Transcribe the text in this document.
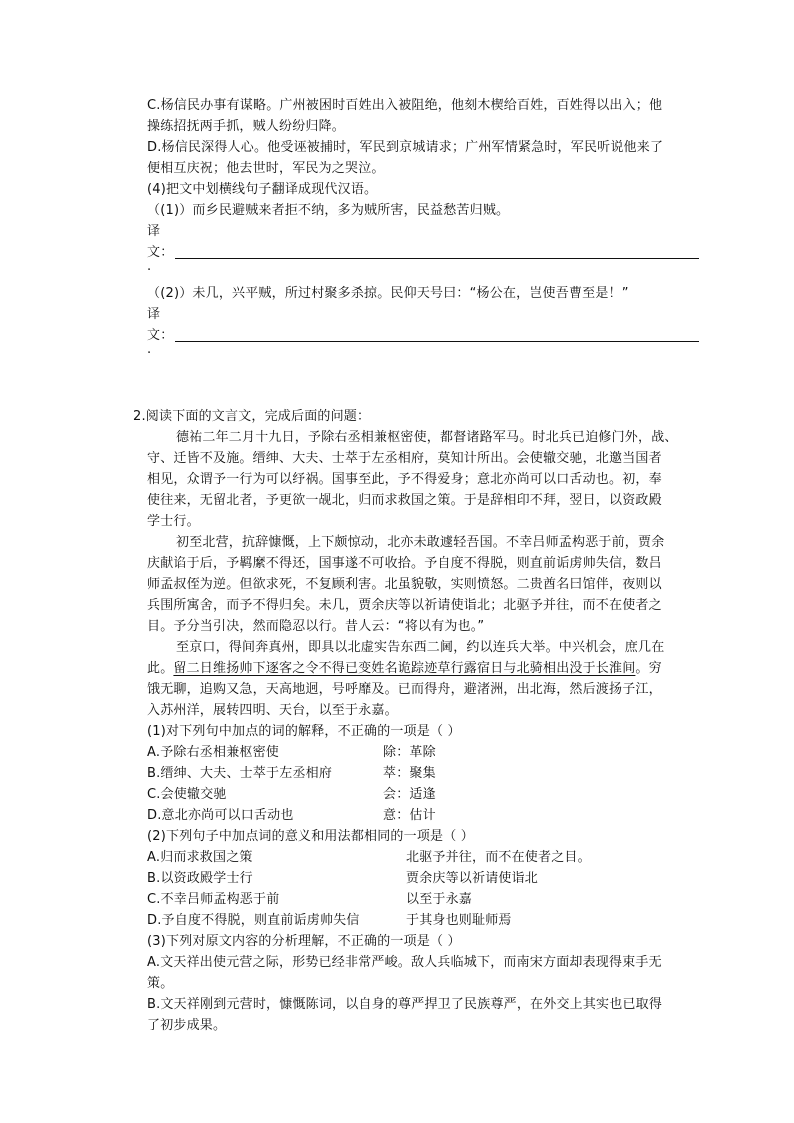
C.杨信民办事有谋略。广州被困时百姓出入被阻绝，他刻木楔给百姓，百姓得以出入；他
操练招抚两手抓，贼人纷纷归降。
D.杨信民深得人心。他受诬被捕时，军民到京城请求；广州军情紧急时，军民听说他来了
便相互庆祝；他去世时，军民为之哭泣。
(4)把文中划横线句子翻译成现代汉语。
（(1)）而乡民避贼来者拒不纳，多为贼所害，民益愁苦归贼。
译
文：
.
（(2)）未几，兴平贼，所过村聚多杀掠。民仰天号曰：“杨公在，岂使吾曹至是！”
译
文：
.
2.阅读下面的文言文，完成后面的问题：
德祐二年二月十九日，予除右丞相兼枢密使，都督诸路军马。时北兵已迫修门外，战、
守、迁皆不及施。缙绅、大夫、士萃于左丞相府，莫知计所出。会使辙交驰，北邀当国者
相见，众谓予一行为可以纾祸。国事至此，予不得爱身；意北亦尚可以口舌动也。初，奉
使往来，无留北者，予更欲一觇北，归而求救国之策。于是辞相印不拜，翌日，以资政殿
学士行。
初至北营，抗辞慷慨，上下颇惊动，北亦未敢遽轻吾国。不幸吕师孟构恶于前，贾余
庆献谄于后，予羁縻不得还，国事遂不可收拾。予自度不得脱，则直前诟虏帅失信，数吕
师孟叔侄为逆。但欲求死，不复顾利害。北虽貌敬，实则愤怒。二贵酋名曰馆伴，夜则以
兵围所寓舍，而予不得归矣。未几，贾余庆等以祈请使诣北；北驱予并往，而不在使者之
目。予分当引决，然而隐忍以行。昔人云：“将以有为也。”
至京口，得间奔真州，即具以北虚实告东西二阃，约以连兵大举。中兴机会，庶几在
此。留二日维扬帅下逐客之令不得已变姓名诡踪迹草行露宿日与北骑相出没于长淮间。穷
饿无聊，追购又急，天高地迥，号呼靡及。已而得舟，避渚洲，出北海，然后渡扬子江，
入苏州洋，展转四明、天台，以至于永嘉。
(1)对下列句中加点的词的解释，不正确的一项是（ ）
A.予除右丞相兼枢密使	除：革除
B.缙绅、大夫、士萃于左丞相府	萃：聚集
C.会使辙交驰	会：适逢
D.意北亦尚可以口舌动也	意：估计
(2)下列句子中加点词的意义和用法都相同的一项是（ ）
A.归而求救国之策	北驱予并往，而不在使者之目。
B.以资政殿学士行	贾余庆等以祈请使诣北
C.不幸吕师孟构恶于前	以至于永嘉
D.予自度不得脱，则直前诟虏帅失信	于其身也则耻师焉
(3)下列对原文内容的分析理解，不正确的一项是（ ）
A.文天祥出使元营之际，形势已经非常严峻。敌人兵临城下，而南宋方面却表现得束手无
策。
B.文天祥刚到元营时，慷慨陈词，以自身的尊严捍卫了民族尊严，在外交上其实也已取得
了初步成果。
